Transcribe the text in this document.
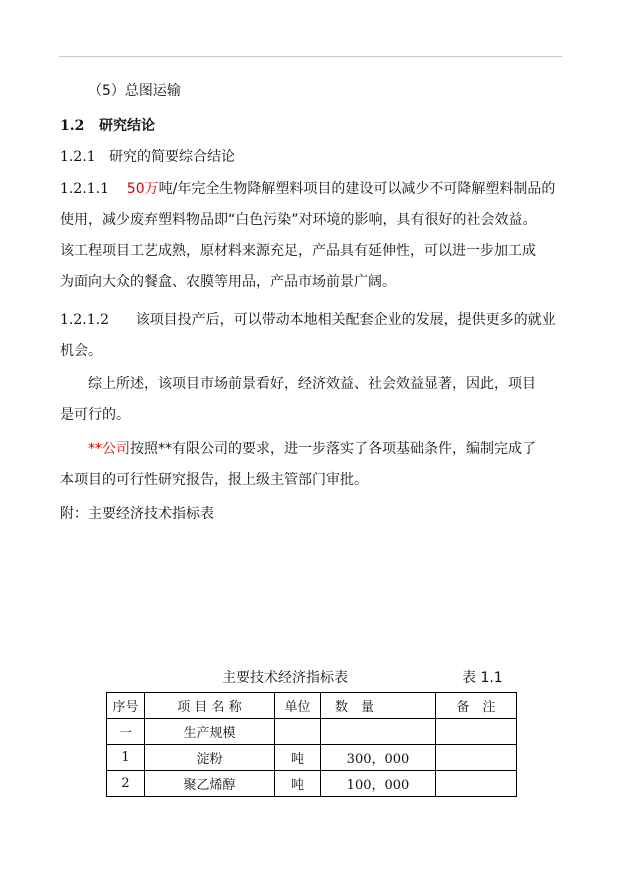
（5）总图运输
1.2 研究结论
1.2.1 研究的简要综合结论
1.2.1.1 50万吨/年完全生物降解塑料项目的建设可以减少不可降解塑料制品的
使用，减少废弃塑料物品即“白色污染”对环境的影响，具有很好的社会效益。
该工程项目工艺成熟，原材料来源充足，产品具有延伸性，可以进一步加工成
为面向大众的餐盒、农膜等用品，产品市场前景广阔。
1.2.1.2 该项目投产后，可以带动本地相关配套企业的发展，提供更多的就业
机会。
综上所述，该项目市场前景看好，经济效益、社会效益显著，因此，项目
是可行的。
**公司按照**有限公司的要求，进一步落实了各项基础条件，编制完成了
本项目的可行性研究报告，报上级主管部门审批。
附：主要经济技术指标表
主要技术经济指标表	表 1.1
序号	项 目 名 称	单位	数　量	备　注
一	生产规模			
1	淀粉	吨	300，000	
2	聚乙烯醇	吨	100，000	
